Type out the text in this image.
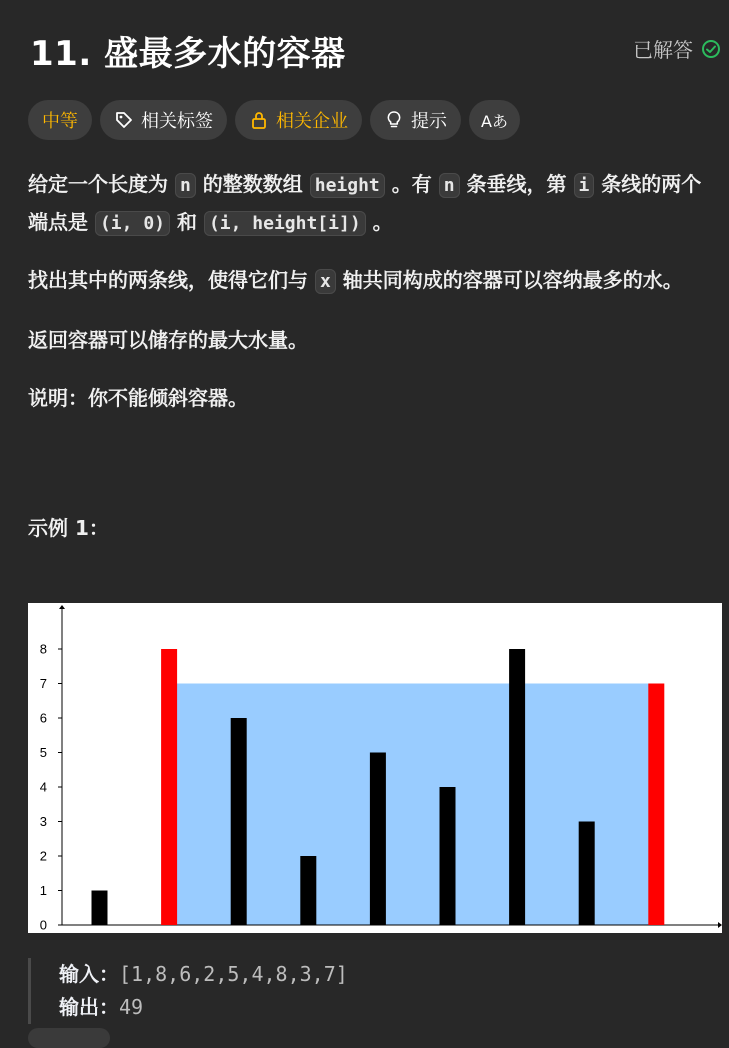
11. 盛最多水的容器	已解答
中等	相关标签	相关企业	提示 Aあ

给定一个长度为 n 的整数数组 height 。有 n 条垂线，第 i 条线的两个端点是 (i, 0) 和 (i, height[i]) 。

找出其中的两条线，使得它们与 x 轴共同构成的容器可以容纳最多的水。

返回容器可以储存的最大水量。

说明：你不能倾斜容器。

示例 1：

0
1
2
3
4
5
6
7
8
输入：[1,8,6,2,5,4,8,3,7]
输出：49
